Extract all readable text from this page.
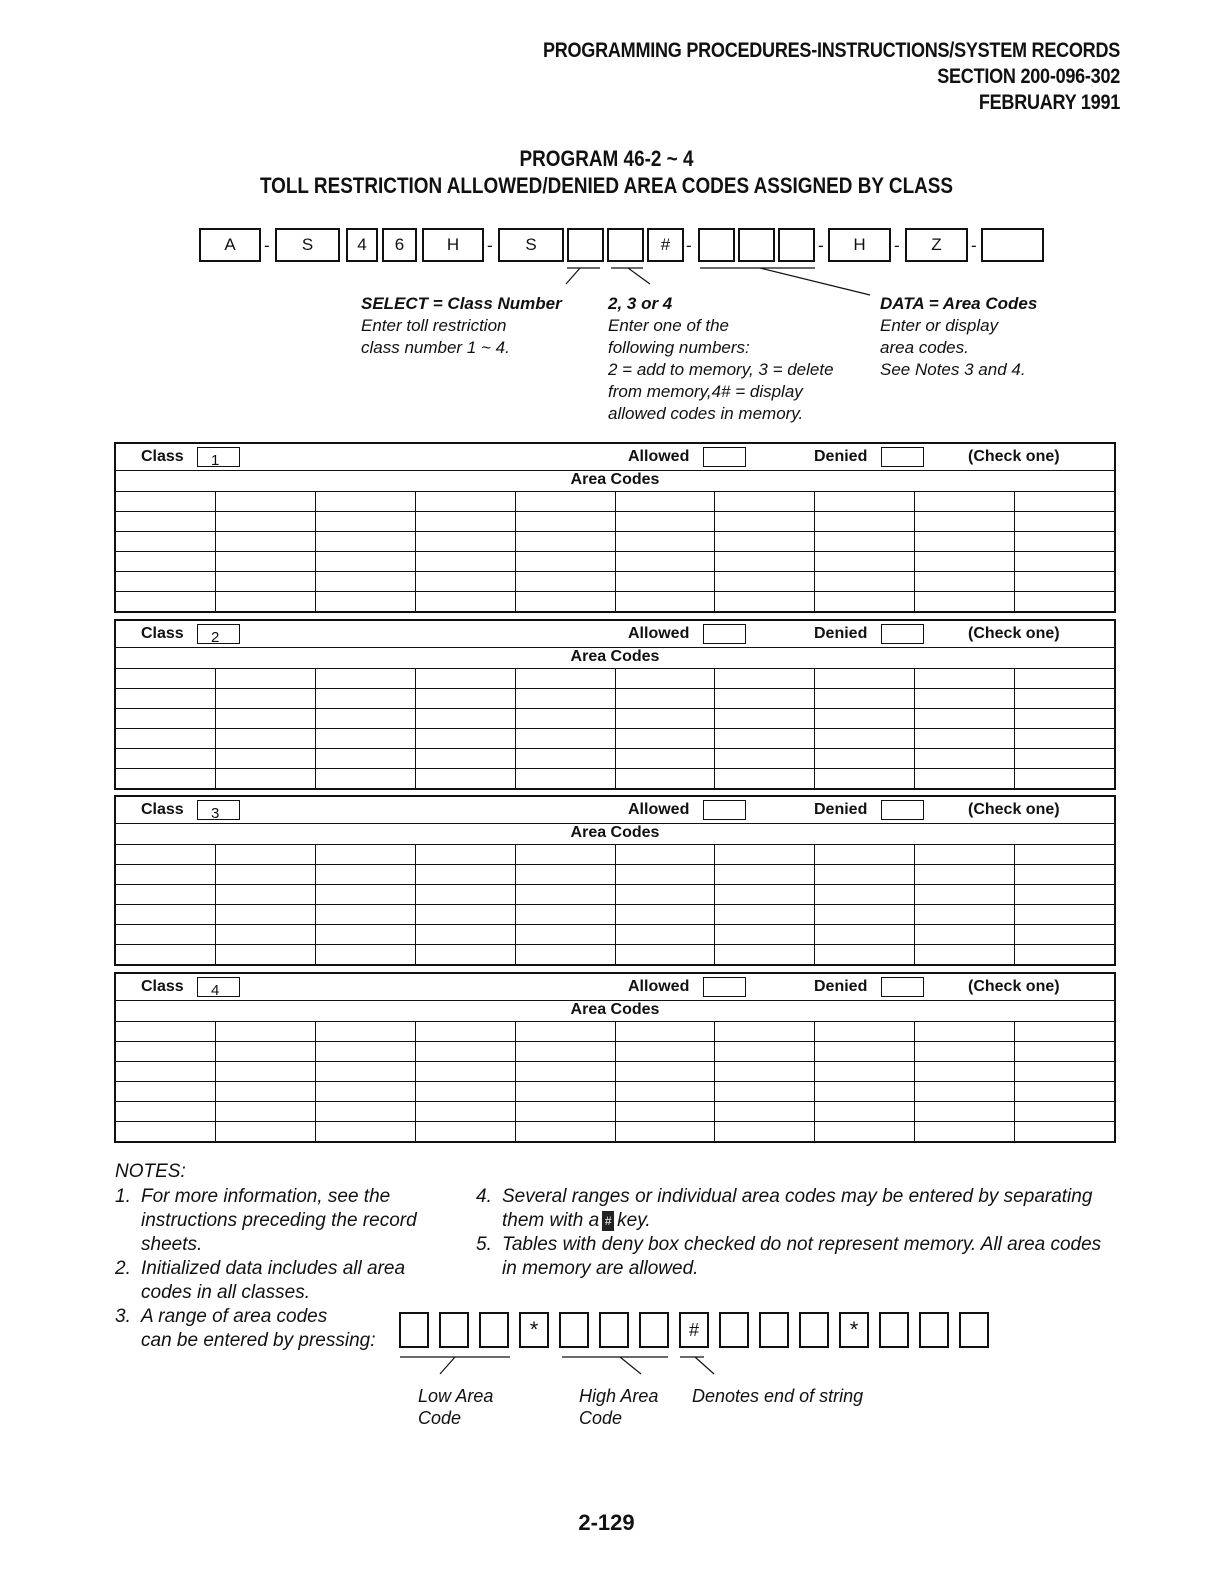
PROGRAMMING PROCEDURES-INSTRUCTIONS/SYSTEM RECORDS
SECTION 200-096-302
FEBRUARY 1991
PROGRAM 46-2 ~ 4
TOLL RESTRICTION ALLOWED/DENIED AREA CODES ASSIGNED BY CLASS
A	-	S	4	6	H	-	S	# -	-	H	-	Z	-
SELECT = Class Number
Enter toll restriction
class number 1 ~ 4.
2, 3 or 4
Enter one of the
following numbers:
2 = add to memory, 3 = delete
from memory,4# = display
allowed codes in memory.
DATA = Area Codes
Enter or display
area codes.
See Notes 3 and 4.
Class 1	Allowed	Denied	(Check one)
Area Codes
Class 2	Allowed	Denied	(Check one)
Area Codes
Class 3	Allowed	Denied	(Check one)
Area Codes
Class 4	Allowed	Denied	(Check one)
Area Codes
NOTES:
1. For more information, see the
instructions preceding the record
sheets.
2. Initialized data includes all area
codes in all classes.
3. A range of area codes
can be entered by pressing:
4. Several ranges or individual area codes may be entered by separating
them with a # key.
5. Tables with deny box checked do not represent memory. All area codes
in memory are allowed.
*	#	*
Low Area
Code
High Area
Code
Denotes end of string
2-129
